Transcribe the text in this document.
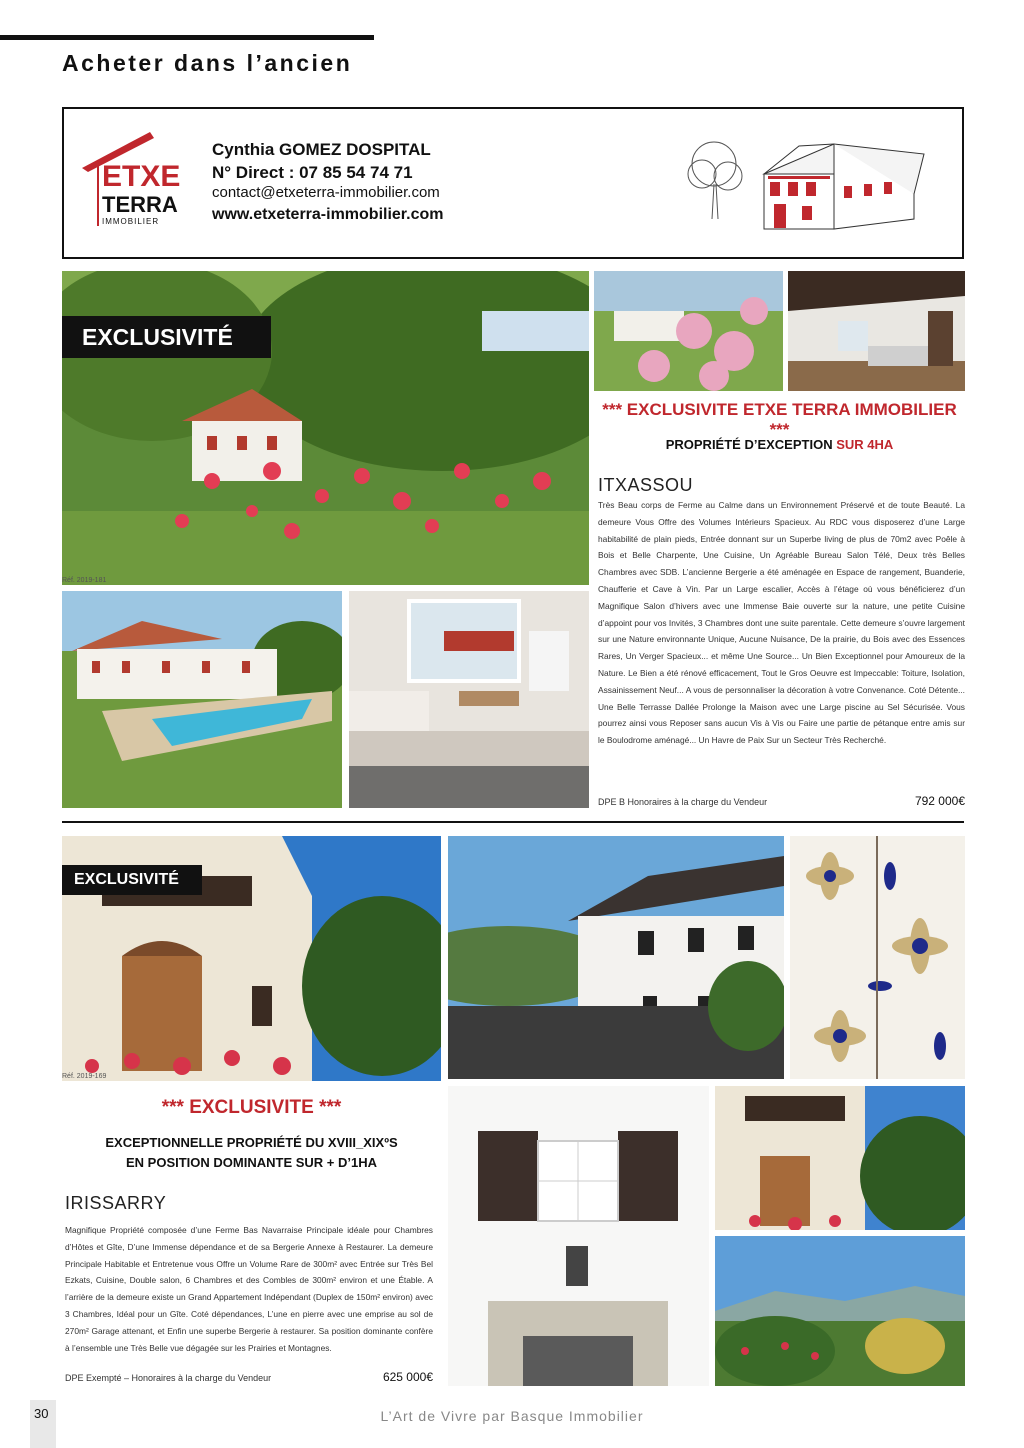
Acheter dans l’ancien
ETXE
TERRA
IMMOBILIER
Cynthia GOMEZ DOSPITAL
N° Direct : 07 85 54 74 71
contact@etxeterra-immobilier.com
www.etxeterra-immobilier.com
EXCLUSIVITÉ
Réf. 2019-181
*** EXCLUSIVITE ETXE TERRA IMMOBILIER ***
PROPRIÉTÉ D’EXCEPTION SUR 4HA
ITXASSOU
Très Beau corps de Ferme au Calme dans un Environnement Préservé et de toute Beauté. La demeure Vous Offre des Volumes Intérieurs Spacieux. Au RDC vous disposerez d’une Large habitabilité de plain pieds, Entrée donnant sur un Superbe living de plus de 70m2 avec Poêle à Bois et Belle Charpente, Une Cuisine, Un Agréable Bureau Salon Télé, Deux très Belles Chambres avec SDB. L’ancienne Bergerie a été aménagée en Espace de rangement, Buanderie, Chaufferie et Cave à Vin. Par un Large escalier, Accès à l’étage où vous bénéficierez d’un Magnifique Salon d’hivers avec une Immense Baie ouverte sur la nature, une petite Cuisine d’appoint pour vos Invités, 3 Chambres dont une suite parentale. Cette demeure s’ouvre largement sur une Nature environnante Unique, Aucune Nuisance, De la prairie, du Bois avec des Essences Rares, Un Verger Spacieux... et même Une Source... Un Bien Exceptionnel pour Amoureux de la Nature. Le Bien a été rénové efficacement, Tout le Gros Oeuvre est Impeccable: Toiture, Isolation, Assainissement Neuf... A vous de personnaliser la décoration à votre Convenance. Coté Détente... Une Belle Terrasse Dallée Prolonge la Maison avec une Large piscine au Sel Sécurisée. Vous pourrez ainsi vous Reposer sans aucun Vis à Vis ou Faire une partie de pétanque entre amis sur le Boulodrome aménagé... Un Havre de Paix Sur un Secteur Très Recherché.
DPE B Honoraires à la charge du Vendeur	792 000€
EXCLUSIVITÉ
Réf. 2019-169
*** EXCLUSIVITE ***
EXCEPTIONNELLE PROPRIÉTÉ DU XVIII_XIXºS
EN POSITION DOMINANTE SUR + D’1HA
IRISSARRY
Magnifique Propriété composée d’une Ferme Bas Navarraise Principale idéale pour Chambres d’Hôtes et Gîte, D’une Immense dépendance et de sa Bergerie Annexe à Restaurer. La demeure Principale Habitable et Entretenue vous Offre un Volume Rare de 300m² avec Entrée sur Très Bel Ezkats, Cuisine, Double salon, 6 Chambres et des Combles de 300m² environ et une Étable. A l’arrière de la demeure existe un Grand Appartement Indépendant (Duplex de 150m² environ) avec 3 Chambres, Idéal pour un Gîte. Coté dépendances, L’une en pierre avec une emprise au sol de 270m² Garage attenant, et Enfin une superbe Bergerie à restaurer. Sa position dominante confère à l’ensemble une Très Belle vue dégagée sur les Prairies et Montagnes.
DPE Exempté – Honoraires à la charge du Vendeur	625 000€
30	L’Art de Vivre par Basque Immobilier
